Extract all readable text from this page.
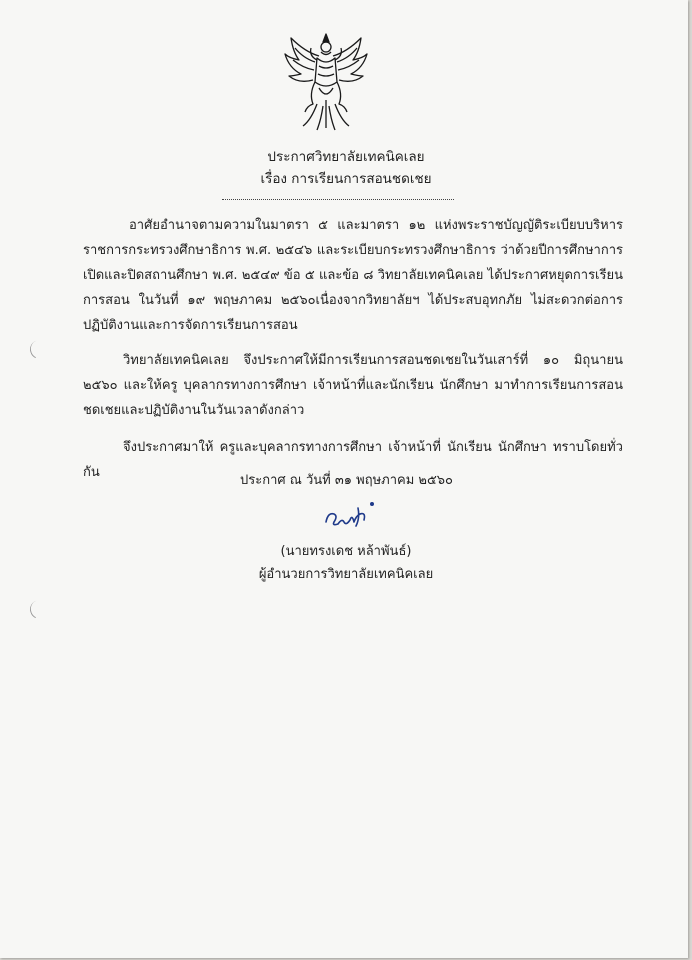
ประกาศวิทยาลัยเทคนิคเลย
เรื่อง การเรียนการสอนชดเชย
อาศัยอำนาจตามความในมาตรา ๕ และมาตรา ๑๒ แห่งพระราชบัญญัติระเบียบบริหารราชการกระทรวงศึกษาธิการ พ.ศ. ๒๕๔๖ และระเบียบกระทรวงศึกษาธิการ ว่าด้วยปีการศึกษาการเปิดและปิดสถานศึกษา พ.ศ. ๒๕๔๙ ข้อ ๕ และข้อ ๘ วิทยาลัยเทคนิคเลย ได้ประกาศหยุดการเรียนการสอน ในวันที่ ๑๙ พฤษภาคม ๒๕๖๐เนื่องจากวิทยาลัยฯ ได้ประสบอุทกภัย ไม่สะดวกต่อการปฏิบัติงานและการจัดการเรียนการสอน
วิทยาลัยเทคนิคเลย จึงประกาศให้มีการเรียนการสอนชดเชยในวันเสาร์ที่ ๑๐ มิถุนายน ๒๕๖๐ และให้ครู บุคลากรทางการศึกษา เจ้าหน้าที่และนักเรียน นักศึกษา มาทำการเรียนการสอนชดเชยและปฏิบัติงานในวันเวลาดังกล่าว
จึงประกาศมาให้ ครูและบุคลากรทางการศึกษา เจ้าหน้าที่ นักเรียน นักศึกษา ทราบโดยทั่วกัน
ประกาศ ณ วันที่ ๓๑ พฤษภาคม ๒๕๖๐
(นายทรงเดช หล้าพันธ์)
ผู้อำนวยการวิทยาลัยเทคนิคเลย
